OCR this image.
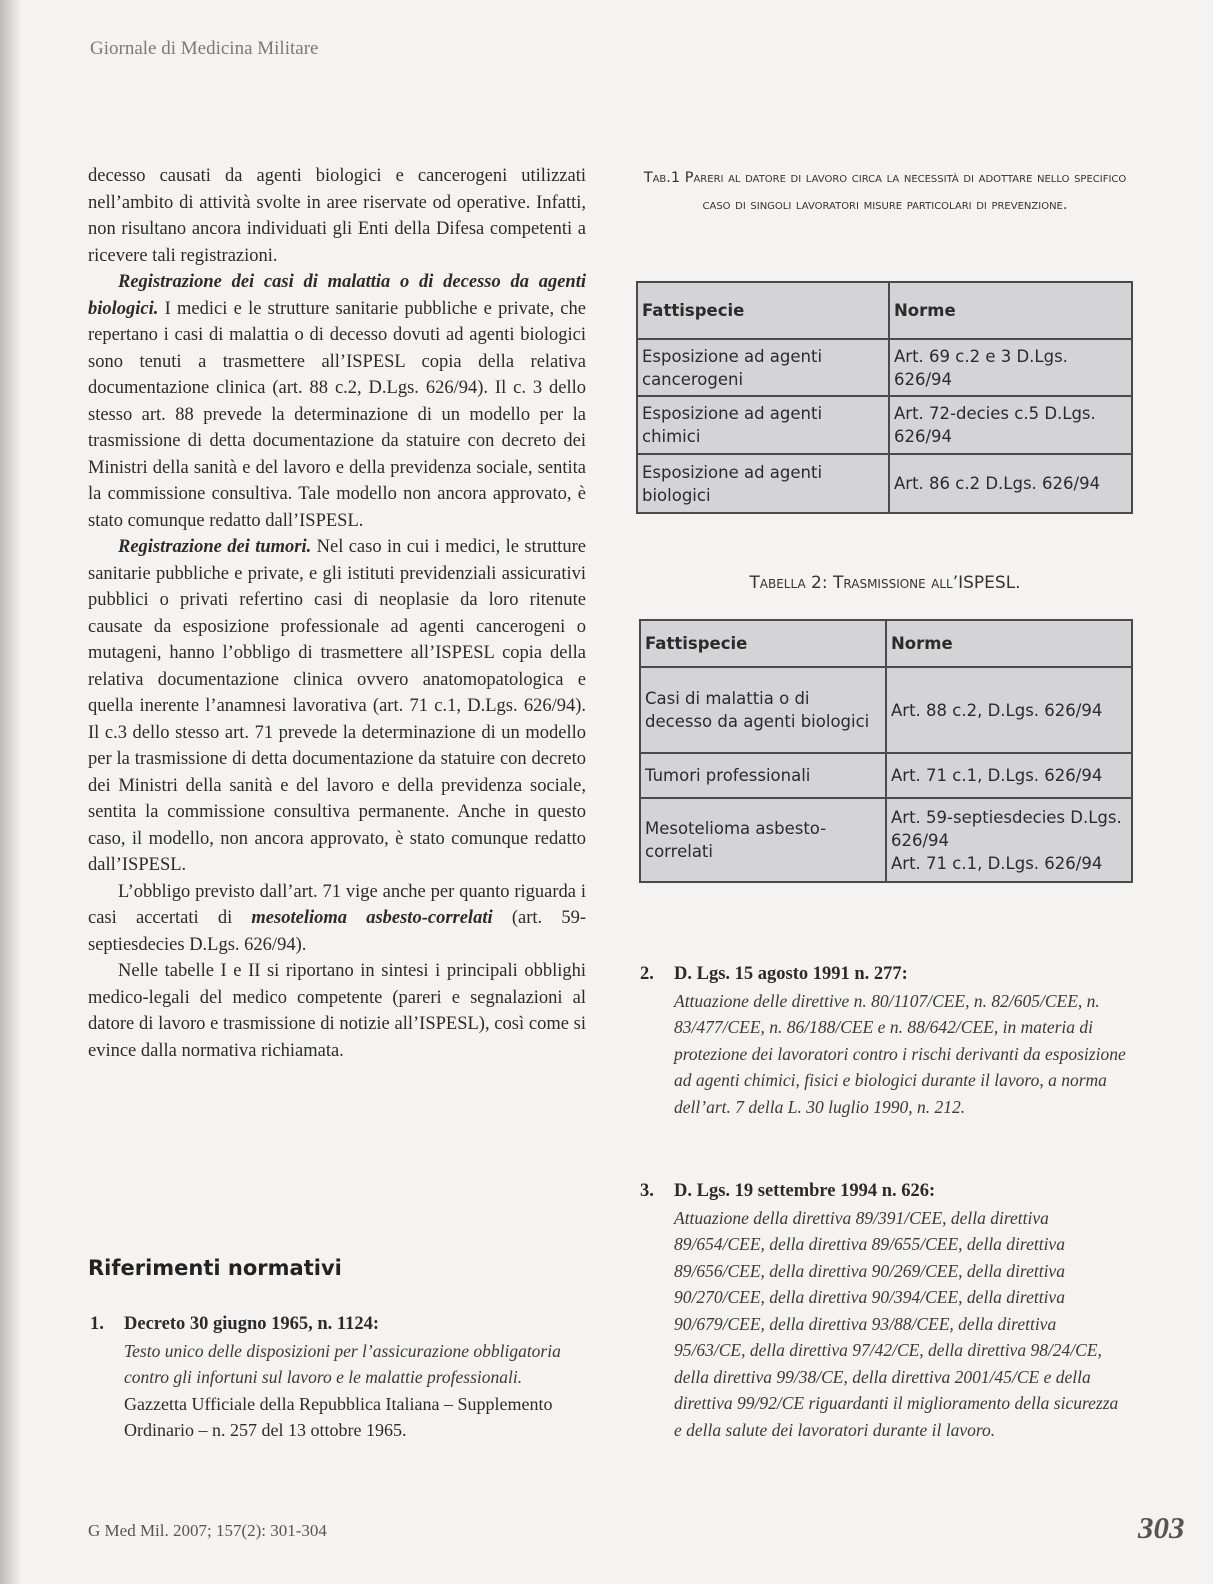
Giornale di Medicina Militare

decesso causati da agenti biologici e cancerogeni utilizzati nell’ambito di attività svolte in aree riservate od operative. Infatti, non risultano ancora individuati gli Enti della Difesa competenti a ricevere tali registrazioni.

Registrazione dei casi di malattia o di decesso da agenti biologici. I medici e le strutture sanitarie pubbliche e private, che repertano i casi di malattia o di decesso dovuti ad agenti biologici sono tenuti a trasmettere all’ISPESL copia della relativa documentazione clinica (art. 88 c.2, D.Lgs. 626/94). Il c. 3 dello stesso art. 88 prevede la determinazione di un modello per la trasmissione di detta documentazione da statuire con decreto dei Ministri della sanità e del lavoro e della previdenza sociale, sentita la commissione consultiva. Tale modello non ancora approvato, è stato comunque redatto dall’ISPESL.

Registrazione dei tumori. Nel caso in cui i medici, le strutture sanitarie pubbliche e private, e gli istituti previdenziali assicurativi pubblici o privati refertino casi di neoplasie da loro ritenute causate da esposizione professionale ad agenti cancerogeni o mutageni, hanno l’obbligo di trasmettere all’ISPESL copia della relativa documentazione clinica ovvero anatomopatologica e quella inerente l’anamnesi lavorativa (art. 71 c.1, D.Lgs. 626/94). Il c.3 dello stesso art. 71 prevede la determinazione di un modello per la trasmissione di detta documentazione da statuire con decreto dei Ministri della sanità e del lavoro e della previdenza sociale, sentita la commissione consultiva permanente. Anche in questo caso, il modello, non ancora approvato, è stato comunque redatto dall’ISPESL.

L’obbligo previsto dall’art. 71 vige anche per quanto riguarda i casi accertati di mesotelioma asbesto-correlati (art. 59-septiesdecies D.Lgs. 626/94).

Nelle tabelle I e II si riportano in sintesi i principali obblighi medico-legali del medico competente (pareri e segnalazioni al datore di lavoro e trasmissione di notizie all’ISPESL), così come si evince dalla normativa richiamata.

Riferimenti normativi
1. Decreto 30 giugno 1965, n. 1124:

Testo unico delle disposizioni per l’assicurazione obbligatoria contro gli infortuni sul lavoro e le malattie professionali.

Gazzetta Ufficiale della Repubblica Italiana – Supplemento Ordinario – n. 257 del 13 ottobre 1965.

2. D. Lgs. 15 agosto 1991 n. 277:

Attuazione delle direttive n. 80/1107/CEE, n. 82/605/CEE, n. 83/477/CEE, n. 86/188/CEE e n. 88/642/CEE, in materia di protezione dei lavoratori contro i rischi derivanti da esposizione ad agenti chimici, fisici e biologici durante il lavoro, a norma dell’art. 7 della L. 30 luglio 1990, n. 212.

3. D. Lgs. 19 settembre 1994 n. 626:

Attuazione della direttiva 89/391/CEE, della direttiva 89/654/CEE, della direttiva 89/655/CEE, della direttiva 89/656/CEE, della direttiva 90/269/CEE, della direttiva 90/270/CEE, della direttiva 90/394/CEE, della direttiva 90/679/CEE, della direttiva 93/88/CEE, della direttiva 95/63/CE, della direttiva 97/42/CE, della direttiva 98/24/CE, della direttiva 99/38/CE, della direttiva 2001/45/CE e della direttiva 99/92/CE riguardanti il miglioramento della sicurezza e della salute dei lavoratori durante il lavoro.

Tab.1 Pareri al datore di lavoro circa la necessità di adottare nello specifico caso di singoli lavoratori misure particolari di prevenzione.

Fattispecie	Norme
Esposizione ad agenti cancerogeni	Art. 69 c.2 e 3 D.Lgs. 626/94
Esposizione ad agenti chimici	Art. 72-decies c.5 D.Lgs. 626/94
Esposizione ad agenti biologici	Art. 86 c.2 D.Lgs. 626/94

Tabella 2: Trasmissione all’ISPESL.

Fattispecie	Norme
Casi di malattia o di decesso da agenti biologici	Art. 88 c.2, D.Lgs. 626/94
Tumori professionali	Art. 71 c.1, D.Lgs. 626/94
Mesotelioma asbesto-correlati	Art. 59-septiesdecies D.Lgs. 626/94
Art. 71 c.1, D.Lgs. 626/94
G Med Mil. 2007; 157(2): 301-304	303
